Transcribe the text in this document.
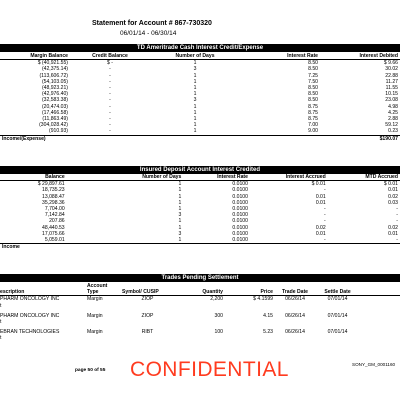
Statement for Account # 867-730320
06/01/14 - 06/30/14
TD Ameritrade Cash Interest Credit/Expense
Margin Balance	Credit Balance	Number of Days	Interest Rate	Interest Debited
$ (40,921.55)	$ -	1	8.50	$ 9.66
(42,375.14)	-	3	8.50	30.02
(113,606.72)	-	1	7.25	22.88
(54,103.05)	-	1	7.50	11.27
(48,923.21)	-	1	8.50	11.55
(42,976.40)	-	1	8.50	10.15
(32,583.38)	-	3	8.50	23.08
(20,474.03)	-	1	8.75	4.98
(17,466.58)	-	1	8.75	4.25
(11,863.49)	-	1	8.75	2.88
(304,028.42)	-	1	7.00	59.12
(910.93)	-	1	9.00	0.23
Income/(Expense)				$190.07
Insured Deposit Account Interest Credited
Balance	Number of Days	Interest Rate	Interest Accrued	MTD Accrued
$ 29,897.61	1	0.0100	$ 0.01	$ 0.01
18,735.23	1	0.0100	-	0.01
13,088.47	1	0.0100	0.01	0.02
35,298.36	1	0.0100	0.01	0.03
7,704.00	1	0.0100	-	-
7,142.84	3	0.0100	-	-
207.86	1	0.0100	-	-
48,440.53	1	0.0100	0.02	0.02
17,075.66	3	0.0100	0.01	0.01
5,059.01	1	0.0100	-	-
Income				
Trades Pending Settlement
escription	Account Type	Symbol/ CUSIP	Quantity	Price	Trade Date	Settle Date	

PHARM ONCOLOGY INC
t	Margin	ZIOP	2,200	$ 4.1599	06/26/14	07/01/14	

PHARM ONCOLOGY INC
t	Margin	ZIOP	300	4.15	06/26/14	07/01/14	

EBRAN TECHNOLOGIES
t	Margin	RIBT	100	5.23	06/26/14	07/01/14	
page 50 of 55 CONFIDENTIAL	SONY_GM_0001160
